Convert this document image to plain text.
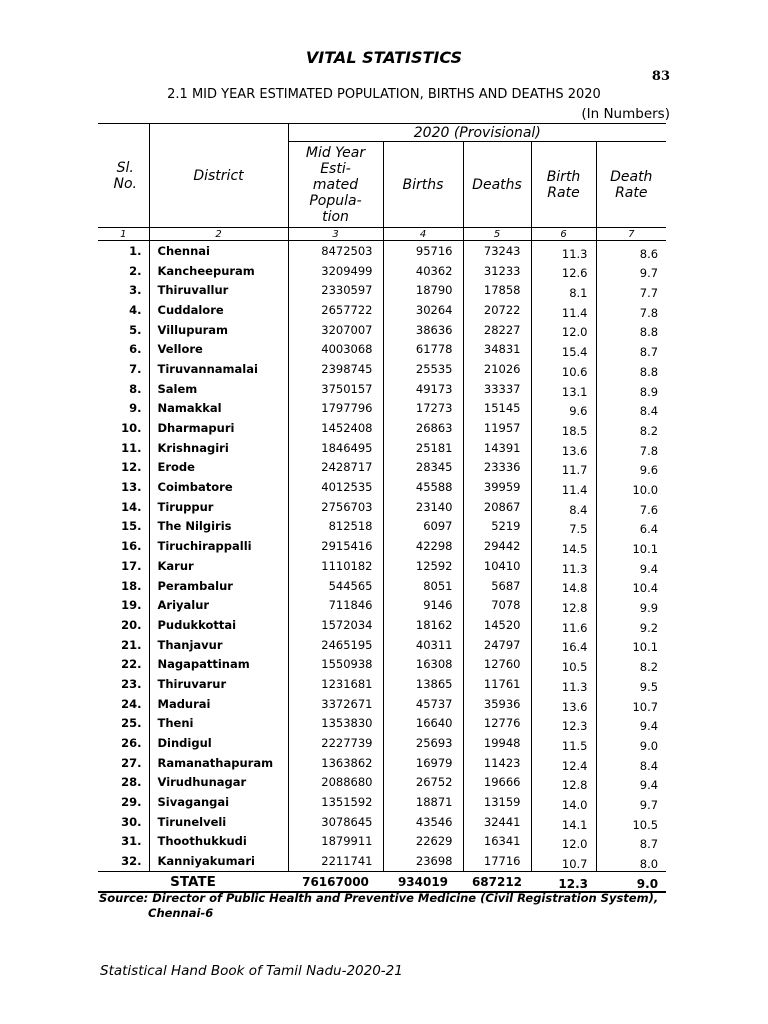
VITAL STATISTICS
83
2.1 MID YEAR ESTIMATED POPULATION, BIRTHS AND DEATHS 2020
(In Numbers)
Sl.
No.	District	2020 (Provisional)				
		Mid Year
Esti-
mated
Popula-
tion	Births	Deaths	Birth
Rate	Death
Rate
1	2	3	4	5	6	7
1.	Chennai	8472503	95716	73243	11.3	8.6
2.	Kancheepuram	3209499	40362	31233	12.6	9.7
3.	Thiruvallur	2330597	18790	17858	8.1	7.7
4.	Cuddalore	2657722	30264	20722	11.4	7.8
5.	Villupuram	3207007	38636	28227	12.0	8.8
6.	Vellore	4003068	61778	34831	15.4	8.7
7.	Tiruvannamalai	2398745	25535	21026	10.6	8.8
8.	Salem	3750157	49173	33337	13.1	8.9
9.	Namakkal	1797796	17273	15145	9.6	8.4
10.	Dharmapuri	1452408	26863	11957	18.5	8.2
11.	Krishnagiri	1846495	25181	14391	13.6	7.8
12.	Erode	2428717	28345	23336	11.7	9.6
13.	Coimbatore	4012535	45588	39959	11.4	10.0
14.	Tiruppur	2756703	23140	20867	8.4	7.6
15.	The Nilgiris	812518	6097	5219	7.5	6.4
16.	Tiruchirappalli	2915416	42298	29442	14.5	10.1
17.	Karur	1110182	12592	10410	11.3	9.4
18.	Perambalur	544565	8051	5687	14.8	10.4
19.	Ariyalur	711846	9146	7078	12.8	9.9
20.	Pudukkottai	1572034	18162	14520	11.6	9.2
21.	Thanjavur	2465195	40311	24797	16.4	10.1
22.	Nagapattinam	1550938	16308	12760	10.5	8.2
23.	Thiruvarur	1231681	13865	11761	11.3	9.5
24.	Madurai	3372671	45737	35936	13.6	10.7
25.	Theni	1353830	16640	12776	12.3	9.4
26.	Dindigul	2227739	25693	19948	11.5	9.0
27.	Ramanathapuram	1363862	16979	11423	12.4	8.4
28.	Virudhunagar	2088680	26752	19666	12.8	9.4
29.	Sivagangai	1351592	18871	13159	14.0	9.7
30.	Tirunelveli	3078645	43546	32441	14.1	10.5
31.	Thoothukkudi	1879911	22629	16341	12.0	8.7
32.	Kanniyakumari	2211741	23698	17716	10.7	8.0
STATE		76167000	934019	687212	12.3	9.0
Source: Director of Public Health and Preventive Medicine (Civil Registration System),
Chennai-6
Statistical Hand Book of Tamil Nadu-2020-21
